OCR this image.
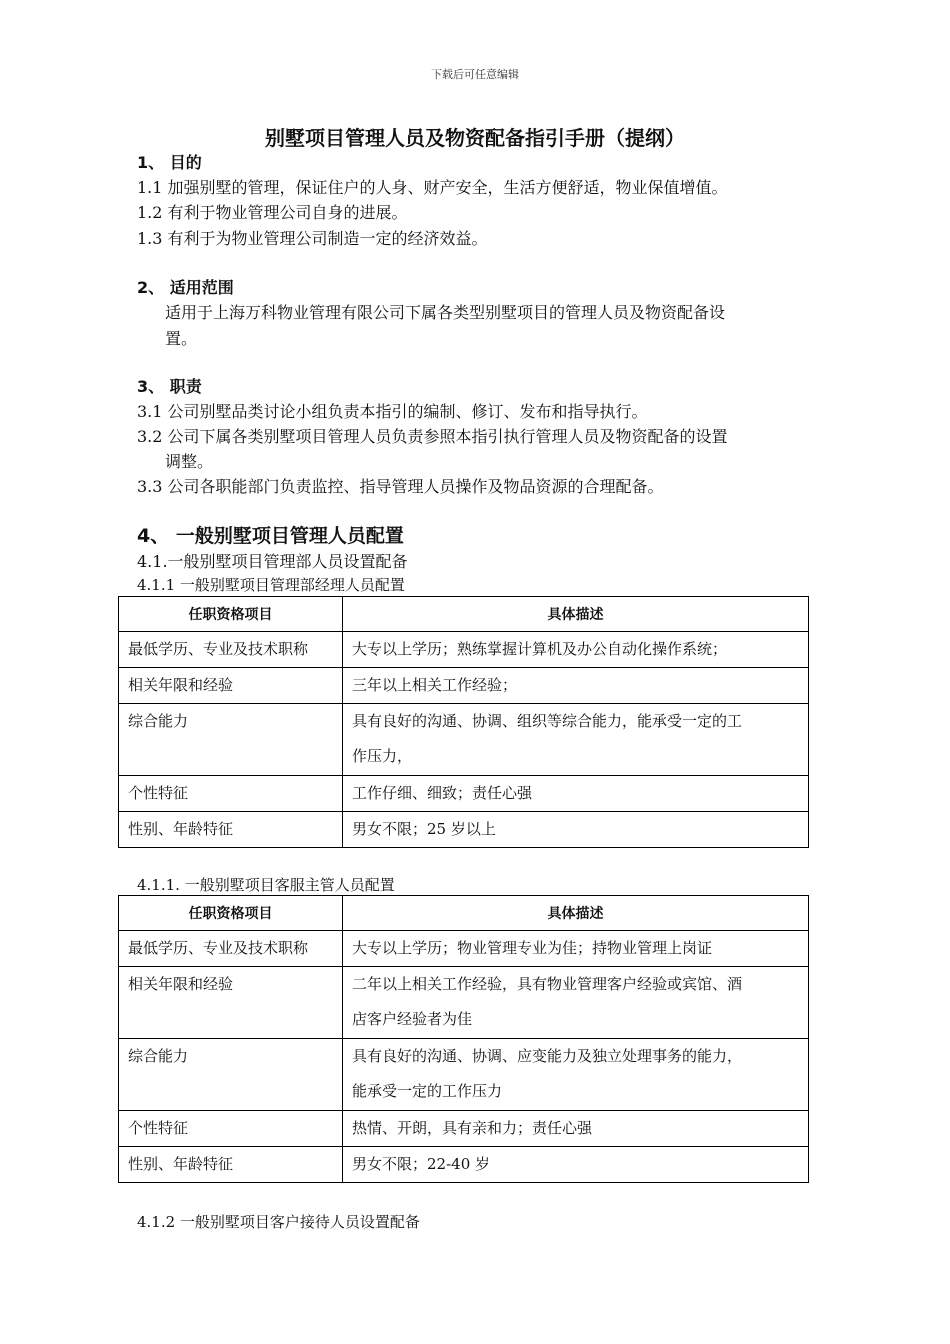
下载后可任意编辑
别墅项目管理人员及物资配备指引手册（提纲）
1、 目的
1.1 加强别墅的管理，保证住户的人身、财产安全，生活方便舒适，物业保值增值。
1.2 有利于物业管理公司自身的进展。
1.3 有利于为物业管理公司制造一定的经济效益。
2、 适用范围
适用于上海万科物业管理有限公司下属各类型别墅项目的管理人员及物资配备设
置。
3、 职责
3.1 公司别墅品类讨论小组负责本指引的编制、修订、发布和指导执行。
3.2 公司下属各类别墅项目管理人员负责参照本指引执行管理人员及物资配备的设置
调整。
3.3 公司各职能部门负责监控、指导管理人员操作及物品资源的合理配备。
4、 一般别墅项目管理人员配置
4.1.一般别墅项目管理部人员设置配备
4.1.1 一般别墅项目管理部经理人员配置
任职资格项目	具体描述
最低学历、专业及技术职称	大专以上学历；熟练掌握计算机及办公自动化操作系统；
相关年限和经验	三年以上相关工作经验；
综合能力	具有良好的沟通、协调、组织等综合能力，能承受一定的工
作压力，

个性特征	工作仔细、细致；责任心强
性别、年龄特征	男女不限；25 岁以上
4.1.1. 一般别墅项目客服主管人员配置
任职资格项目	具体描述
最低学历、专业及技术职称	大专以上学历；物业管理专业为佳；持物业管理上岗证
相关年限和经验	二年以上相关工作经验，具有物业管理客户经验或宾馆、酒
店客户经验者为佳

综合能力	具有良好的沟通、协调、应变能力及独立处理事务的能力，
能承受一定的工作压力

个性特征	热情、开朗，具有亲和力；责任心强
性别、年龄特征	男女不限；22-40 岁
4.1.2 一般别墅项目客户接待人员设置配备
